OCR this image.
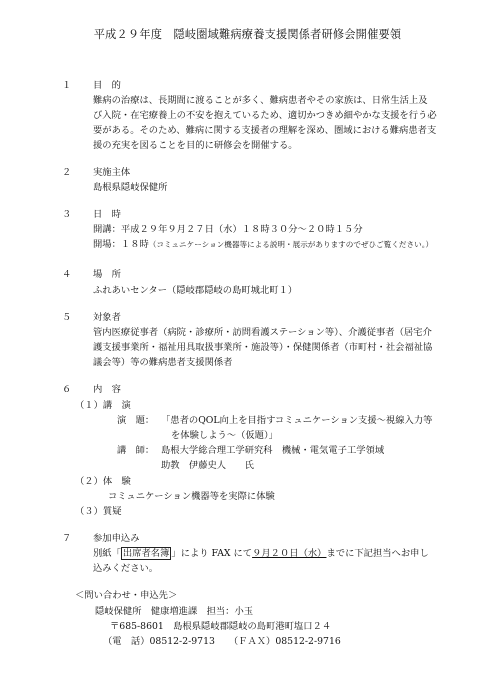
平成２９年度　隠岐圏域難病療養支援関係者研修会開催要領
１ 目　的
難病の治療は、長期間に渡ることが多く、難病患者やその家族は、日常生活上及
び入院・在宅療養上の不安を抱えているため、適切かつきめ細やかな支援を行う必
要がある。そのため、難病に関する支援者の理解を深め、圏域における難病患者支
援の充実を図ることを目的に研修会を開催する。
２ 実施主体
島根県隠岐保健所
３ 日　時
開講：平成２９年９月２７日（水）１８時３０分～２０時１５分
開場：１８時（コミュニケーション機器等による説明・展示がありますのでぜひご覧ください。）
４ 場　所
ふれあいセンター（隠岐郡隠岐の島町城北町１）
５ 対象者
管内医療従事者（病院・診療所・訪問看護ステーション等）、介護従事者（居宅介
護支援事業所・福祉用具取扱事業所・施設等）・保健関係者（市町村・社会福祉協
議会等）等の難病患者支援関係者
６ 内　容
（１）講　演
演　題： 「患者のQOL向上を目指すコミュニケーション支援～視線入力等
を体験しよう～（仮題）」
講　師： 島根大学総合理工学研究科　機械・電気電子工学領域
助教　伊藤史人　　氏
（２）体　験
コミュニケーション機器等を実際に体験
（３）質疑
７ 参加申込み
別紙「 出席者名簿 」により FAX にて９月２０日（水）までに下記担当へお申し
込みください。
＜問い合わせ・申込先＞
隠岐保健所　健康増進課　担当：小玉
〒685-8601　島根県隠岐郡隠岐の島町港町塩口２４
（電　話）08512-2-9713　　（ＦＡＸ）08512-2-9716
